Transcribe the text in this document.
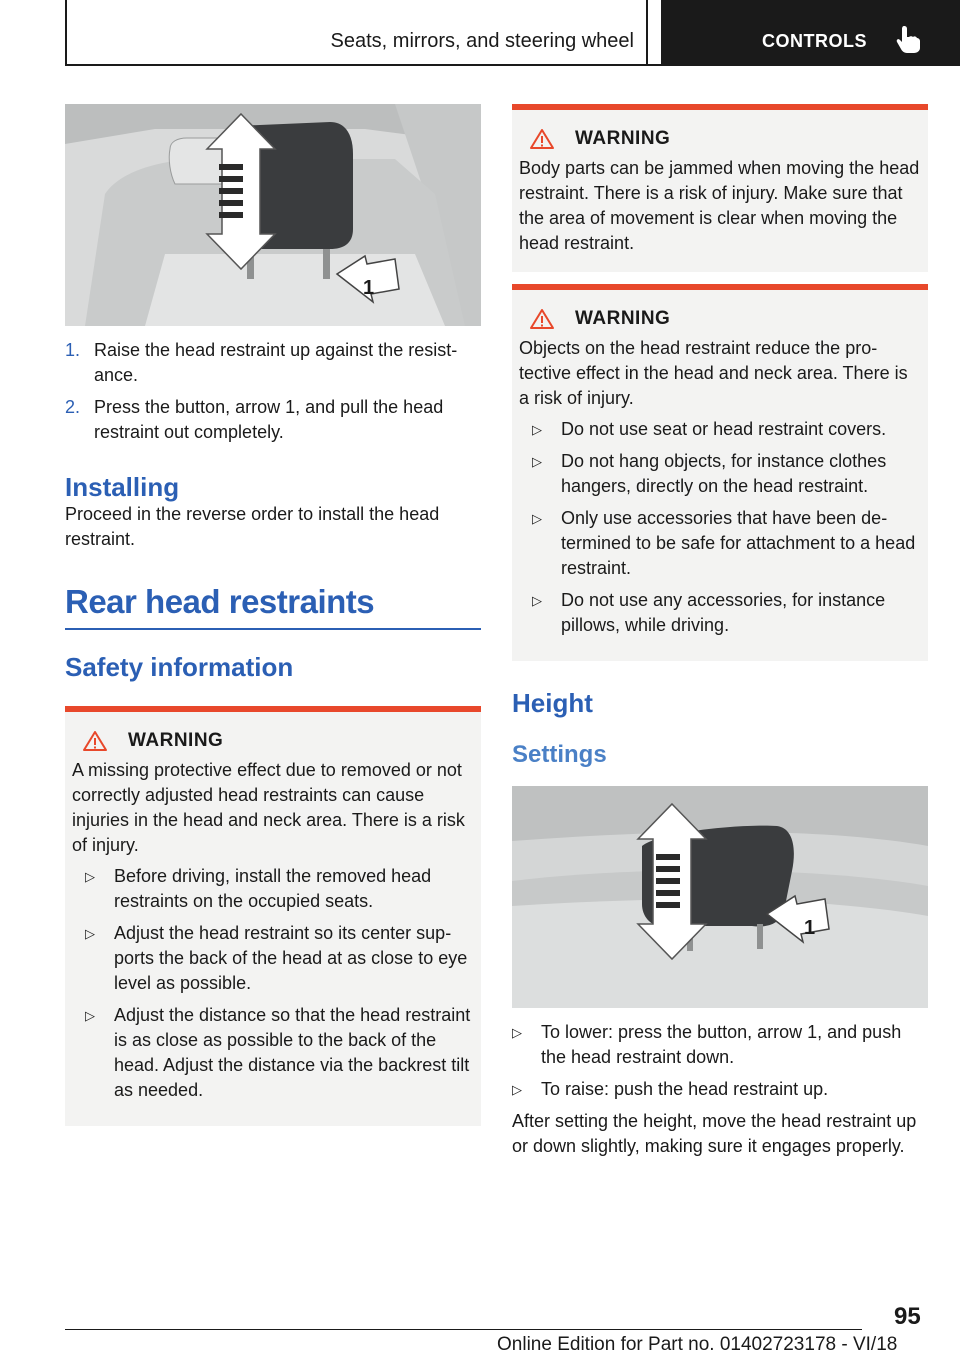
Seats, mirrors, and steering wheel	CONTROLS
1
1. Raise the head restraint up against the resistance.
2. Press the button, arrow 1, and pull the head restraint out completely.
Installing

Proceed in the reverse order to install the head restraint.

Rear head restraints
Safety information
WARNING

A missing protective effect due to removed or not correctly adjusted head restraints can cause injuries in the head and neck area. There is a risk of injury.

▷ Before driving, install the removed head restraints on the occupied seats.
▷ Adjust the head restraint so its center supports the back of the head at as close to eye level as possible.
▷ Adjust the distance so that the head restraint is as close as possible to the back of the head. Adjust the distance via the backrest tilt as needed.
WARNING

Body parts can be jammed when moving the head restraint. There is a risk of injury. Make sure that the area of movement is clear when moving the head restraint.

WARNING

Objects on the head restraint reduce the protective effect in the head and neck area. There is a risk of injury.

▷ Do not use seat or head restraint covers.
▷ Do not hang objects, for instance clothes hangers, directly on the head restraint.
▷ Only use accessories that have been determined to be safe for attachment to a head restraint.
▷ Do not use any accessories, for instance pillows, while driving.
Height
Settings
1
▷ To lower: press the button, arrow 1, and push the head restraint down.
▷ To raise: push the head restraint up.

After setting the height, move the head restraint up or down slightly, making sure it engages properly.

95
Online Edition for Part no. 01402723178 - VI/18
